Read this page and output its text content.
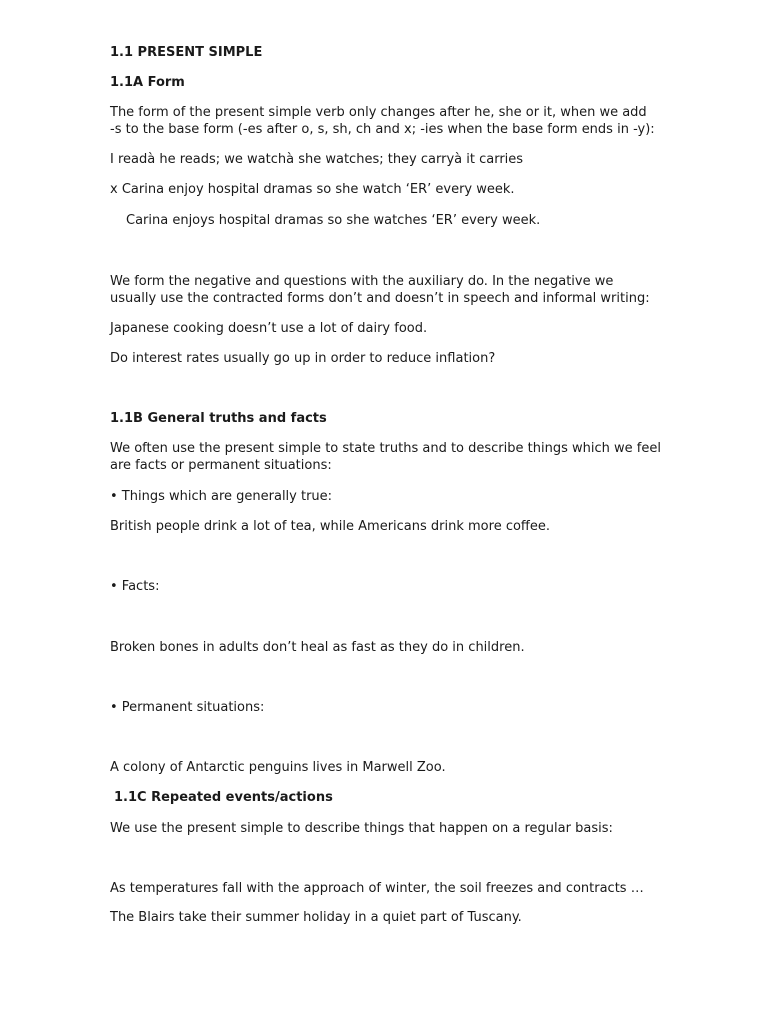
1.1 PRESENT SIMPLE
1.1A Form
The form of the present simple verb only changes after he, she or it, when we add
-s to the base form (-es after o, s, sh, ch and x; -ies when the base form ends in -y):
I readà he reads; we watchà she watches; they carryà it carries
x Carina enjoy hospital dramas so she watch ‘ER’ every week.
Carina enjoys hospital dramas so she watches ‘ER’ every week.
We form the negative and questions with the auxiliary do. In the negative we
usually use the contracted forms don’t and doesn’t in speech and informal writing:
Japanese cooking doesn’t use a lot of dairy food.
Do interest rates usually go up in order to reduce inflation?
1.1B General truths and facts
We often use the present simple to state truths and to describe things which we feel
are facts or permanent situations:
• Things which are generally true:
British people drink a lot of tea, while Americans drink more coffee.
• Facts:
Broken bones in adults don’t heal as fast as they do in children.
• Permanent situations:
A colony of Antarctic penguins lives in Marwell Zoo.
1.1C Repeated events/actions
We use the present simple to describe things that happen on a regular basis:
As temperatures fall with the approach of winter, the soil freezes and contracts …
The Blairs take their summer holiday in a quiet part of Tuscany.
